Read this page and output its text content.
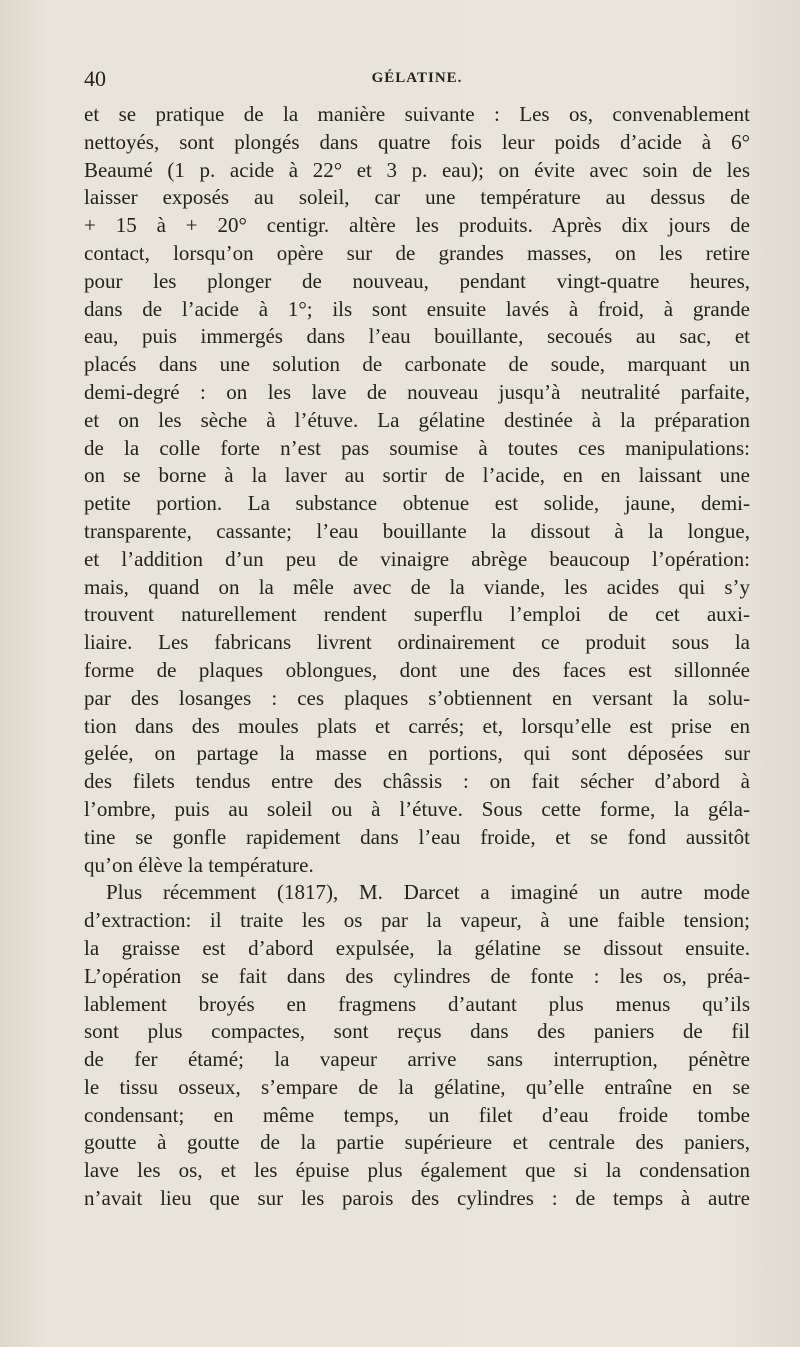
40	GÉLATINE.
et se pratique de la manière suivante : Les os, convenablement
nettoyés, sont plongés dans quatre fois leur poids d’acide à 6°
Beaumé (1 p. acide à 22° et 3 p. eau); on évite avec soin de les
laisser exposés au soleil, car une température au dessus de
+ 15 à + 20° centigr. altère les produits. Après dix jours de
contact, lorsqu’on opère sur de grandes masses, on les retire
pour les plonger de nouveau, pendant vingt-quatre heures,
dans de l’acide à 1°; ils sont ensuite lavés à froid, à grande
eau, puis immergés dans l’eau bouillante, secoués au sac, et
placés dans une solution de carbonate de soude, marquant un
demi-degré : on les lave de nouveau jusqu’à neutralité parfaite,
et on les sèche à l’étuve. La gélatine destinée à la préparation
de la colle forte n’est pas soumise à toutes ces manipulations:
on se borne à la laver au sortir de l’acide, en en laissant une
petite portion. La substance obtenue est solide, jaune, demi-
transparente, cassante; l’eau bouillante la dissout à la longue,
et l’addition d’un peu de vinaigre abrège beaucoup l’opération:
mais, quand on la mêle avec de la viande, les acides qui s’y
trouvent naturellement rendent superflu l’emploi de cet auxi-
liaire. Les fabricans livrent ordinairement ce produit sous la
forme de plaques oblongues, dont une des faces est sillonnée
par des losanges : ces plaques s’obtiennent en versant la solu-
tion dans des moules plats et carrés; et, lorsqu’elle est prise en
gelée, on partage la masse en portions, qui sont déposées sur
des filets tendus entre des châssis : on fait sécher d’abord à
l’ombre, puis au soleil ou à l’étuve. Sous cette forme, la géla-
tine se gonfle rapidement dans l’eau froide, et se fond aussitôt
qu’on élève la température.
Plus récemment (1817), M. Darcet a imaginé un autre mode
d’extraction: il traite les os par la vapeur, à une faible tension;
la graisse est d’abord expulsée, la gélatine se dissout ensuite.
L’opération se fait dans des cylindres de fonte : les os, préa-
lablement broyés en fragmens d’autant plus menus qu’ils
sont plus compactes, sont reçus dans des paniers de fil
de fer étamé; la vapeur arrive sans interruption, pénètre
le tissu osseux, s’empare de la gélatine, qu’elle entraîne en se
condensant; en même temps, un filet d’eau froide tombe
goutte à goutte de la partie supérieure et centrale des paniers,
lave les os, et les épuise plus également que si la condensation
n’avait lieu que sur les parois des cylindres : de temps à autre
